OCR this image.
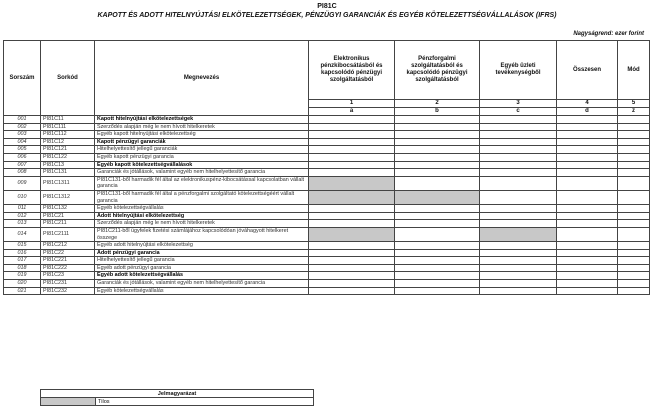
PI81C
KAPOTT ÉS ADOTT HITELNYÚJTÁSI ELKÖTELEZETTSÉGEK, PÉNZÜGYI GARANCIÁK ÉS EGYÉB KÖTELEZETTSÉGVÁLLALÁSOK (IFRS)
Nagyságrend: ezer forint
Sorszám	Sorkód	Megnevezés	Elektronikus pénzkibocsátásból és kapcsolódó pénzügyi szolgáltatásból	Pénzforgalmi szolgáltatásból és kapcsolódó pénzügyi szolgáltatásból	Egyéb üzleti tevékenységből	Összesen	Mód
			1	2	3	4	5
			a	b	c	d	z
001	PI81C11	Kapott hitelnyújtási elkötelezettségek					
002	PI81C111	Szerződés alapján még le nem hívott hitelkeretek					
003	PI81C112	Egyéb kapott hitelnyújtási elkötelezettség					
004	PI81C12	Kapott pénzügyi garanciák					
005	PI81C121	Hitelhelyettesítő jellegű garanciák					
006	PI81C122	Egyéb kapott pénzügyi garancia					
007	PI81C13	Egyéb kapott kötelezettségvállalások					
008	PI81C131	Garanciák és jótállások, valamint egyéb nem hitelhelyettesítő garancia					
009	PI81C1311	PI81C131-ből harmadik fél által az elektronikuspénz-kibocsátással kapcsolatban vállalt garancia					
010	PI81C1312	PI81C131-ből harmadik fél által a pénzforgalmi szolgáltató kötelezettségéért vállalt garancia					
011	PI81C132	Egyéb kötelezettségvállalás					
012	PI81C21	Adott hitelnyújtási elkötelezettség					
013	PI81C211	Szerződés alapján még le nem hívott hitelkeretek					
014	PI81C2111	PI81C211-ből ügyfelek fizetési számlájához kapcsolódóan jóváhagyott hitelkeret összege					
015	PI81C212	Egyéb adott hitelnyújtási elkötelezettség					
016	PI81C22	Adott pénzügyi garancia					
017	PI81C221	Hitelhelyettesítő jellegű garancia					
018	PI81C222	Egyéb adott pénzügyi garancia					
019	PI81C23	Egyéb adott kötelezettségvállalás					
020	PI81C231	Garanciák és jótállások, valamint egyéb nem hitelhelyettesítő garancia					
021	PI81C232	Egyéb kötelezettségvállalás					
Jelmagyarázat
	Tilos
